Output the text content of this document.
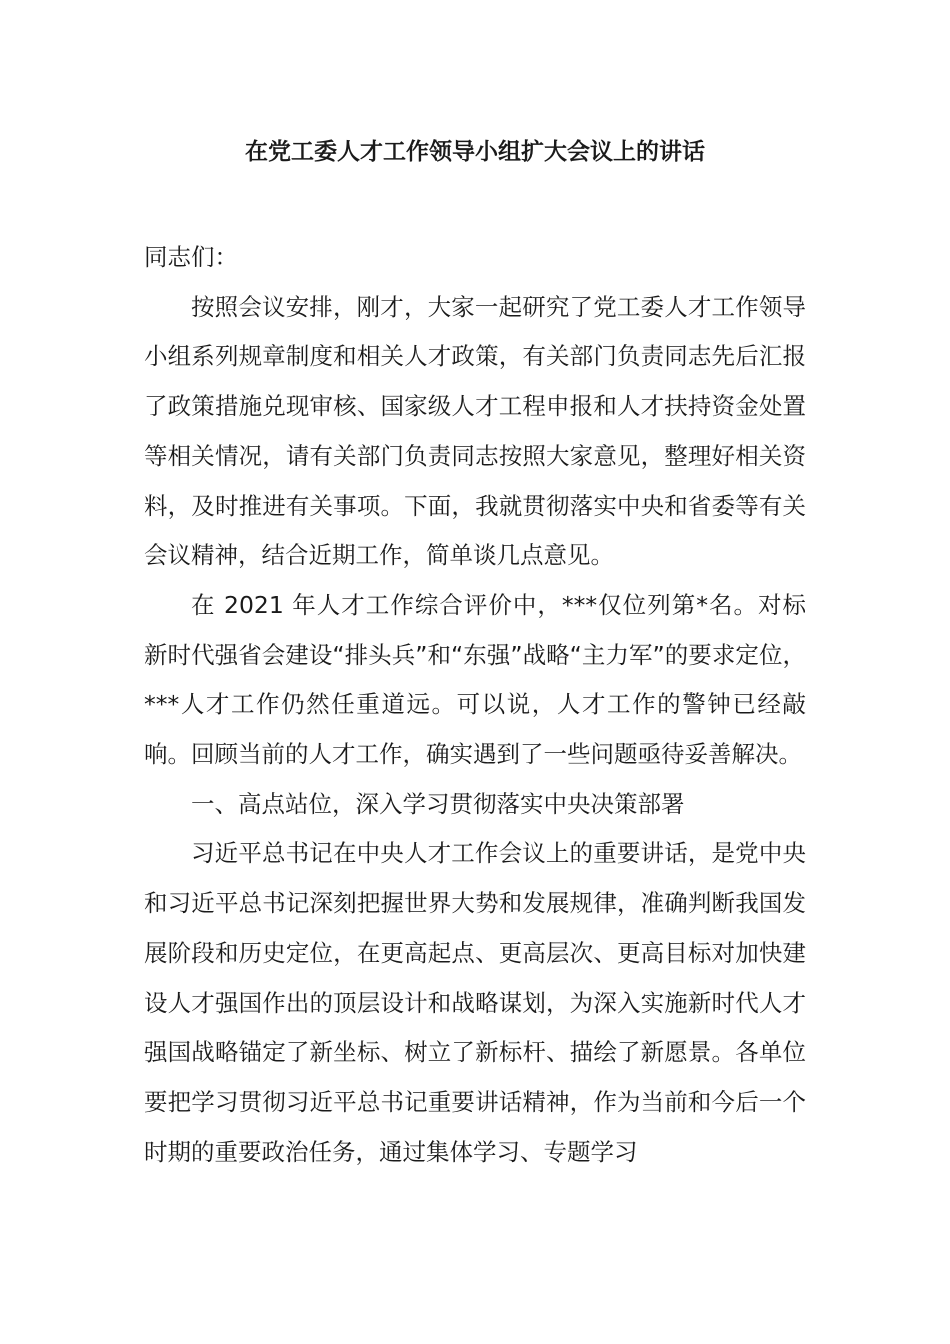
在党工委人才工作领导小组扩大会议上的讲话

同志们：

按照会议安排，刚才，大家一起研究了党工委人才工作领导小组系列规章制度和相关人才政策，有关部门负责同志先后汇报了政策措施兑现审核、国家级人才工程申报和人才扶持资金处置等相关情况，请有关部门负责同志按照大家意见，整理好相关资料，及时推进有关事项。下面，我就贯彻落实中央和省委等有关会议精神，结合近期工作，简单谈几点意见。

在 2021 年人才工作综合评价中，***仅位列第*名。对标新时代强省会建设“排头兵”和“东强”战略“主力军”的要求定位，***人才工作仍然任重道远。可以说，人才工作的警钟已经敲响。回顾当前的人才工作，确实遇到了一些问题亟待妥善解决。

一、高点站位，深入学习贯彻落实中央决策部署

习近平总书记在中央人才工作会议上的重要讲话，是党中央和习近平总书记深刻把握世界大势和发展规律，准确判断我国发展阶段和历史定位，在更高起点、更高层次、更高目标对加快建设人才强国作出的顶层设计和战略谋划，为深入实施新时代人才强国战略锚定了新坐标、树立了新标杆、描绘了新愿景。各单位要把学习贯彻习近平总书记重要讲话精神，作为当前和今后一个时期的重要政治任务，通过集体学习、专题学习
